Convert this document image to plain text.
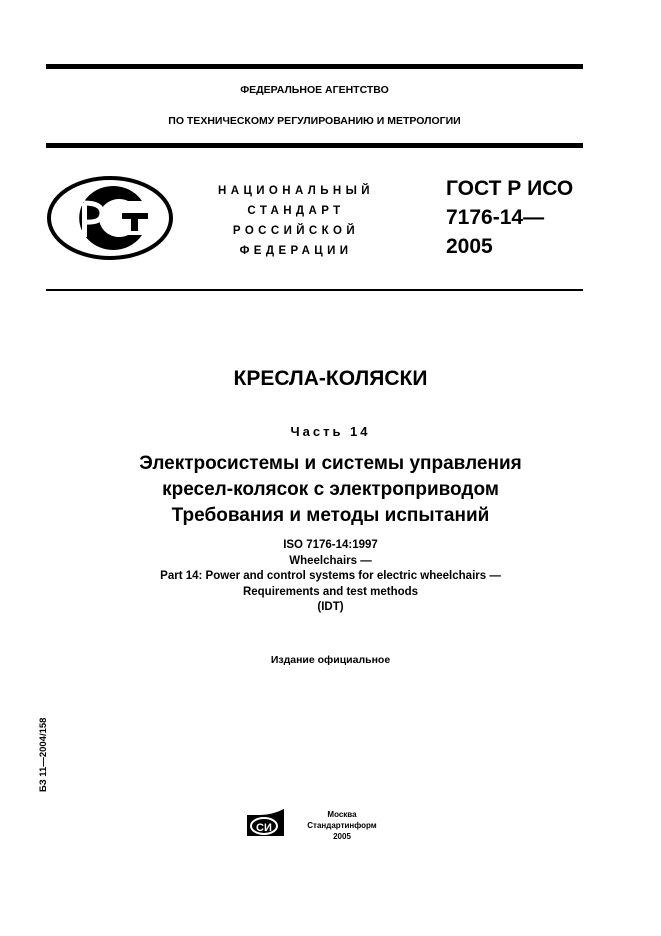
ФЕДЕРАЛЬНОЕ АГЕНТСТВО
ПО ТЕХНИЧЕСКОМУ РЕГУЛИРОВАНИЮ И МЕТРОЛОГИИ
НАЦИОНАЛЬНЫЙ
СТАНДАРТ
РОССИЙСКОЙ
ФЕДЕРАЦИИ
ГОСТ Р ИСО
7176-14—
2005
КРЕСЛА-КОЛЯСКИ
Часть 14
Электросистемы и системы управления
кресел-колясок с электроприводом
Требования и методы испытаний
ISO 7176-14:1997
Wheelchairs —
Part 14: Power and control systems for electric wheelchairs —
Requirements and test methods
(IDT)
Издание официальное
БЗ 11—2004/158
СИ
Москва
Стандартинформ
2005
